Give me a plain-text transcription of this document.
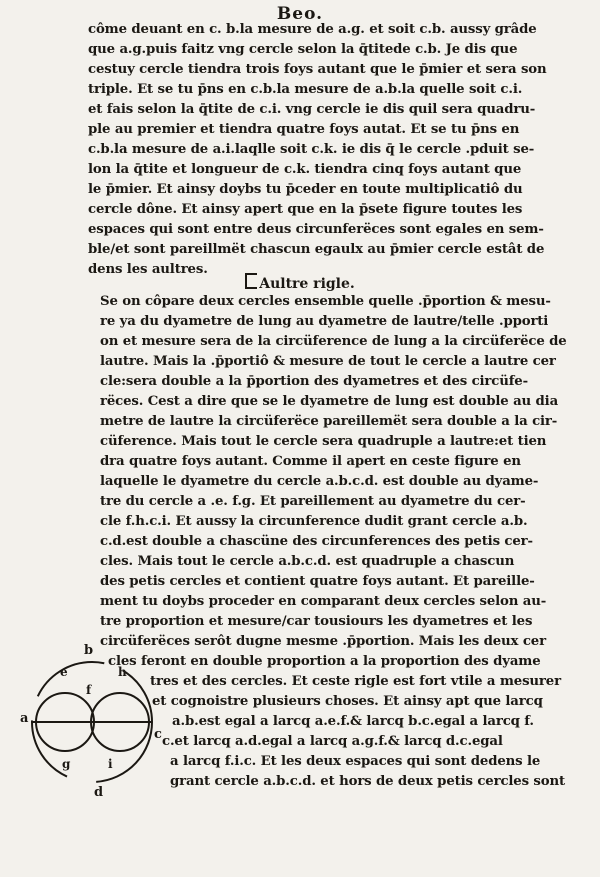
Beo.
côme deuant en c. b.la mesure de a.g. et soit c.b. aussy grâde
que a.g.puis faitz vng cercle selon la q̄titede c.b. Je dis que
cestuy cercle tiendra trois foys autant que le p̄mier et sera son
triple. Et se tu p̄ns en c.b.la mesure de a.b.la quelle soit c.i.
et fais selon la q̄tite de c.i. vng cercle ie dis quil sera quadru-
ple au premier et tiendra quatre foys autat. Et se tu p̄ns en
c.b.la mesure de a.i.laqlle soit c.k. ie dis q̄ le cercle .pduit se-
lon la q̄tite et longueur de c.k. tiendra cinq foys autant que
le p̄mier. Et ainsy doybs tu p̄ceder en toute multiplicatiô du
cercle dône. Et ainsy apert que en la p̄sete figure toutes les
espaces qui sont entre deus circunferëces sont egales en sem-
ble/et sont pareillmët chascun egaulx au p̄mier cercle estât de
dens les aultres.
Aultre rigle.
Se on côpare deux cercles ensemble quelle .p̄portion & mesu-
re ya du dyametre de lung au dyametre de lautre/telle .pporti
on et mesure sera de la circüference de lung a la circüferëce de
lautre. Mais la .p̄portiô & mesure de tout le cercle a lautre cer
cle:sera double a la p̄portion des dyametres et des circüfe-
rëces. Cest a dire que se le dyametre de lung est double au dia
metre de lautre la circüferëce pareillemët sera double a la cir-
cüference. Mais tout le cercle sera quadruple a lautre:et tien
dra quatre foys autant. Comme il apert en ceste figure en
laquelle le dyametre du cercle a.b.c.d. est double au dyame-
tre du cercle a .e. f.g. Et pareillement au dyametre du cer-
cle f.h.c.i. Et aussy la circunference dudit grant cercle a.b.
c.d.est double a chascüne des circunferences des petis cer-
cles. Mais tout le cercle a.b.c.d. est quadruple a chascun
des petis cercles et contient quatre foys autant. Et pareille-
ment tu doybs proceder en comparant deux cercles selon au-
tre proportion et mesure/car tousiours les dyametres et les
circüferëces serôt dugne mesme .p̄portion. Mais les deux cer
cles feront en double proportion a la proportion des dyame
tres et des cercles. Et ceste rigle est fort vtile a mesurer
et cognoistre plusieurs choses. Et ainsy apt que larcq
a.b.est egal a larcq a.e.f.& larcq b.c.egal a larcq f.
c.et larcq a.d.egal a larcq a.g.f.& larcq d.c.egal
a larcq f.i.c. Et les deux espaces qui sont dedens le
grant cercle a.b.c.d. et hors de deux petis cercles sont
b
e	h
c
f
a
g	i
d
